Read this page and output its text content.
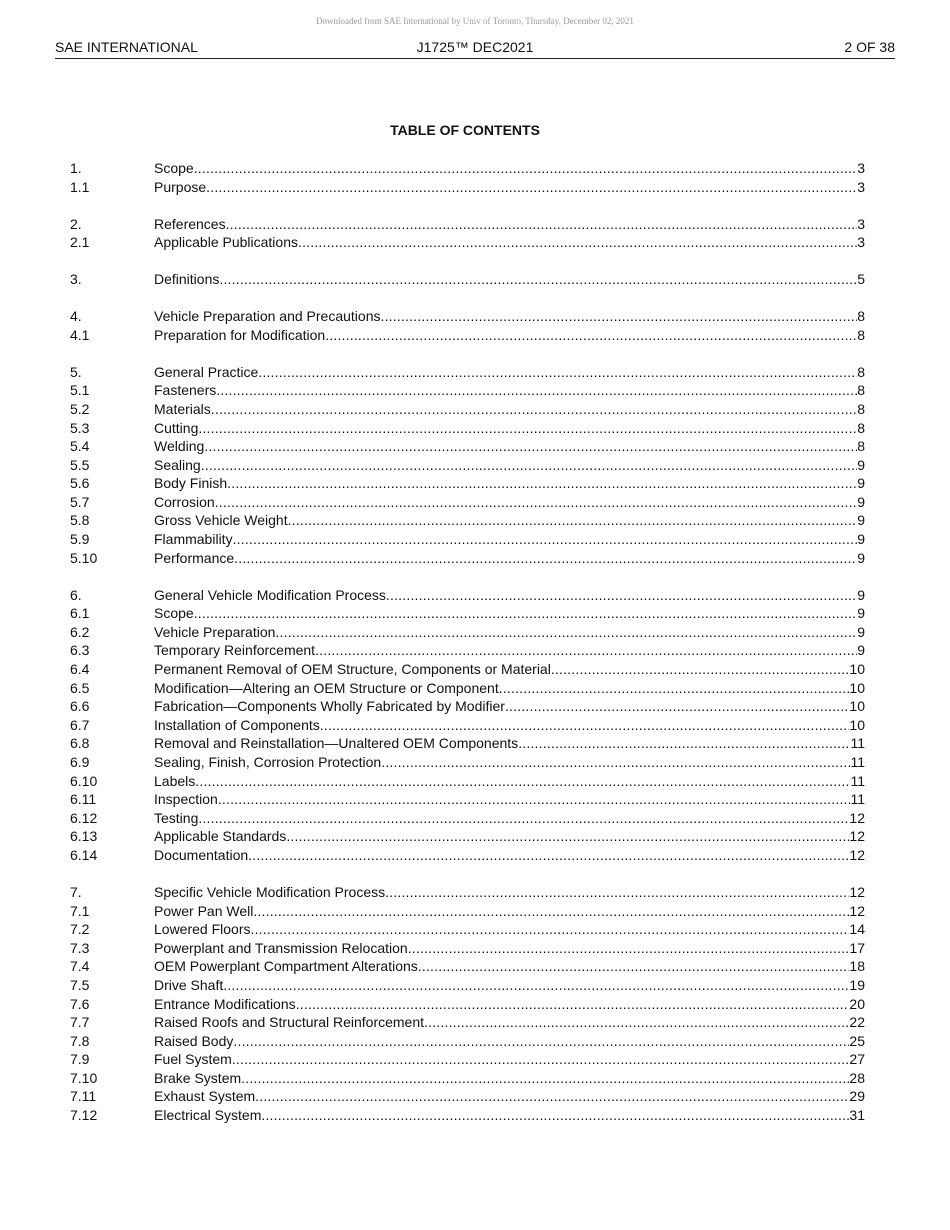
Downloaded from SAE International by Univ of Toronto, Thursday, December 02, 2021
SAE INTERNATIONAL	J1725™ DEC2021	2 OF 38
TABLE OF CONTENTS
1.	Scope .....	3
1.1	Purpose .....	3
2.	References .....	3
2.1	Applicable Publications .....	3
3.	Definitions .....	5
4.	Vehicle Preparation and Precautions .....	8
4.1	Preparation for Modification .....	8
5.	General Practice .....	8
5.1	Fasteners .....	8
5.2	Materials .....	8
5.3	Cutting .....	8
5.4	Welding .....	8
5.5	Sealing .....	9
5.6	Body Finish .....	9
5.7	Corrosion .....	9
5.8	Gross Vehicle Weight .....	9
5.9	Flammability .....	9
5.10	Performance .....	9
6.	General Vehicle Modification Process .....	9
6.1	Scope .....	9
6.2	Vehicle Preparation .....	9
6.3	Temporary Reinforcement .....	9
6.4	Permanent Removal of OEM Structure, Components or Material .....	10
6.5	Modification—Altering an OEM Structure or Component .....	10
6.6	Fabrication—Components Wholly Fabricated by Modifier .....	10
6.7	Installation of Components .....	10
6.8	Removal and Reinstallation—Unaltered OEM Components .....	11
6.9	Sealing, Finish, Corrosion Protection .....	11
6.10	Labels .....	11
6.11	Inspection .....	11
6.12	Testing .....	12
6.13	Applicable Standards .....	12
6.14	Documentation .....	12
7.	Specific Vehicle Modification Process .....	12
7.1	Power Pan Well .....	12
7.2	Lowered Floors .....	14
7.3	Powerplant and Transmission Relocation .....	17
7.4	OEM Powerplant Compartment Alterations .....	18
7.5	Drive Shaft .....	19
7.6	Entrance Modifications .....	20
7.7	Raised Roofs and Structural Reinforcement .....	22
7.8	Raised Body .....	25
7.9	Fuel System .....	27
7.10	Brake System .....	28
7.11	Exhaust System .....	29
7.12	Electrical System .....	31
